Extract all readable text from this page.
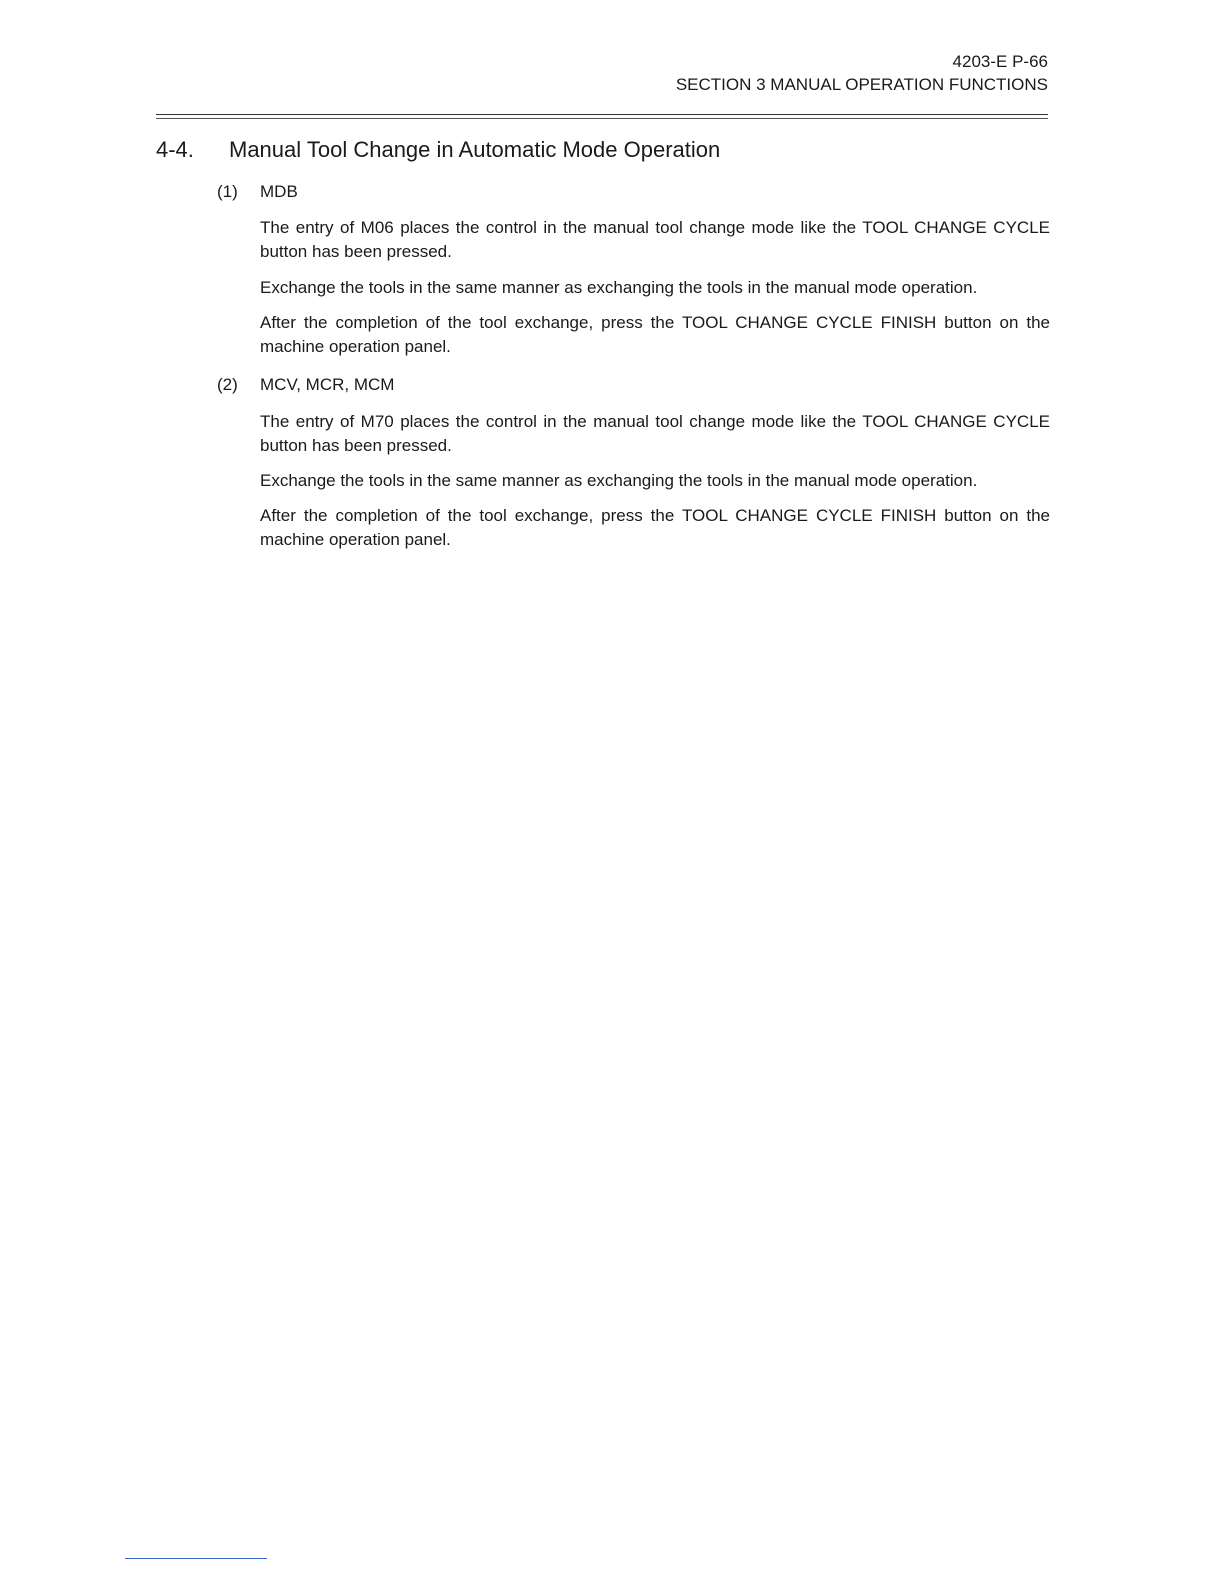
4203-E P-66
SECTION 3 MANUAL OPERATION FUNCTIONS
4-4. Manual Tool Change in Automatic Mode Operation
(1) MDB

The entry of M06 places the control in the manual tool change mode like the TOOL CHANGE CYCLE button has been pressed.

Exchange the tools in the same manner as exchanging the tools in the manual mode operation.

After the completion of the tool exchange, press the TOOL CHANGE CYCLE FINISH button on the machine operation panel.

(2) MCV, MCR, MCM

The entry of M70 places the control in the manual tool change mode like the TOOL CHANGE CYCLE button has been pressed.

Exchange the tools in the same manner as exchanging the tools in the manual mode operation.

After the completion of the tool exchange, press the TOOL CHANGE CYCLE FINISH button on the machine operation panel.
